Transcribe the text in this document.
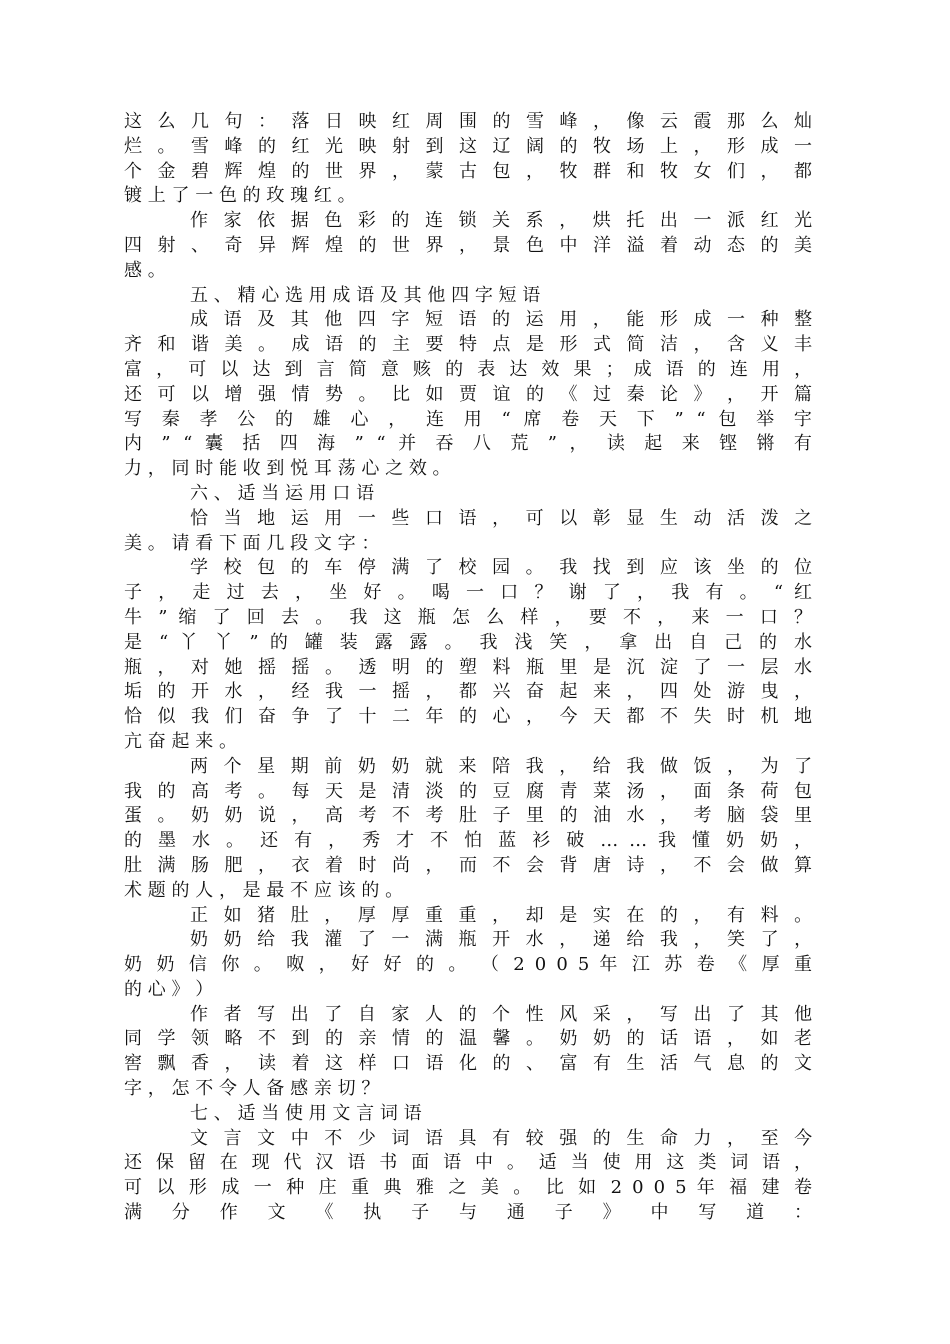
这 么 几 句 ： 落 日 映 红 周 围 的 雪 峰 ， 像 云 霞 那 么 灿
烂 。 雪 峰 的 红 光 映 射 到 这 辽 阔 的 牧 场 上 ， 形 成 一
个 金 碧 辉 煌 的 世 界 ， 蒙 古 包 ， 牧 群 和 牧 女 们 ， 都
镀 上 了 一 色 的 玫 瑰 红 。
作 家 依 据 色 彩 的 连 锁 关 系 ， 烘 托 出 一 派 红 光
四 射 、 奇 异 辉 煌 的 世 界 ， 景 色 中 洋 溢 着 动 态 的 美
感 。
五 、 精 心 选 用 成 语 及 其 他 四 字 短 语
成 语 及 其 他 四 字 短 语 的 运 用 ， 能 形 成 一 种 整
齐 和 谐 美 。 成 语 的 主 要 特 点 是 形 式 简 洁 ， 含 义 丰
富 ， 可 以 达 到 言 简 意 赅 的 表 达 效 果 ； 成 语 的 连 用 ，
还 可 以 增 强 情 势 。 比 如 贾 谊 的 《 过 秦 论 》 ， 开 篇
写 秦 孝 公 的 雄 心 ， 连 用 “ 席 卷 天 下 ” “ 包 举 宇
内 ” “ 囊 括 四 海 ” “ 并 吞 八 荒 ” ， 读 起 来 铿 锵 有
力 ， 同 时 能 收 到 悦 耳 荡 心 之 效 。
六 、 适 当 运 用 口 语
恰 当 地 运 用 一 些 口 语 ， 可 以 彰 显 生 动 活 泼 之
美 。 请 看 下 面 几 段 文 字 ：
学 校 包 的 车 停 满 了 校 园 。 我 找 到 应 该 坐 的 位
子 ， 走 过 去 ， 坐 好 。 喝 一 口 ？ 谢 了 ， 我 有 。 “ 红
牛 ” 缩 了 回 去 。 我 这 瓶 怎 么 样 ， 要 不 ， 来 一 口 ？
是 “ 丫 丫 ” 的 罐 装 露 露 。 我 浅 笑 ， 拿 出 自 己 的 水
瓶 ， 对 她 摇 摇 。 透 明 的 塑 料 瓶 里 是 沉 淀 了 一 层 水
垢 的 开 水 ， 经 我 一 摇 ， 都 兴 奋 起 来 ， 四 处 游 曳 ，
恰 似 我 们 奋 争 了 十 二 年 的 心 ， 今 天 都 不 失 时 机 地
亢 奋 起 来 。
两 个 星 期 前 奶 奶 就 来 陪 我 ， 给 我 做 饭 ， 为 了
我 的 高 考 。 每 天 是 清 淡 的 豆 腐 青 菜 汤 ， 面 条 荷 包
蛋 。 奶 奶 说 ， 高 考 不 考 肚 子 里 的 油 水 ， 考 脑 袋 里
的 墨 水 。 还 有 ， 秀 才 不 怕 蓝 衫 破 … … 我 懂 奶 奶 ，
肚 满 肠 肥 ， 衣 着 时 尚 ， 而 不 会 背 唐 诗 ， 不 会 做 算
术 题 的 人 ， 是 最 不 应 该 的 。
正 如 猪 肚 ， 厚 厚 重 重 ， 却 是 实 在 的 ， 有 料 。
奶 奶 给 我 灌 了 一 满 瓶 开 水 ， 递 给 我 ， 笑 了 ，
奶 奶 信 你 。 呶 ， 好 好 的 。 （ 2 0 0 5 年 江 苏 卷 《 厚 重
的 心 》 ）
作 者 写 出 了 自 家 人 的 个 性 风 采 ， 写 出 了 其 他
同 学 领 略 不 到 的 亲 情 的 温 馨 。 奶 奶 的 话 语 ， 如 老
窖 飘 香 ， 读 着 这 样 口 语 化 的 、 富 有 生 活 气 息 的 文
字 ， 怎 不 令 人 备 感 亲 切 ？
七 、 适 当 使 用 文 言 词 语
文 言 文 中 不 少 词 语 具 有 较 强 的 生 命 力 ， 至 今
还 保 留 在 现 代 汉 语 书 面 语 中 。 适 当 使 用 这 类 词 语 ，
可 以 形 成 一 种 庄 重 典 雅 之 美 。 比 如 2 0 0 5 年 福 建 卷
满 分 作 文 《 执 子 与 通 子 》 中 写 道 ：
